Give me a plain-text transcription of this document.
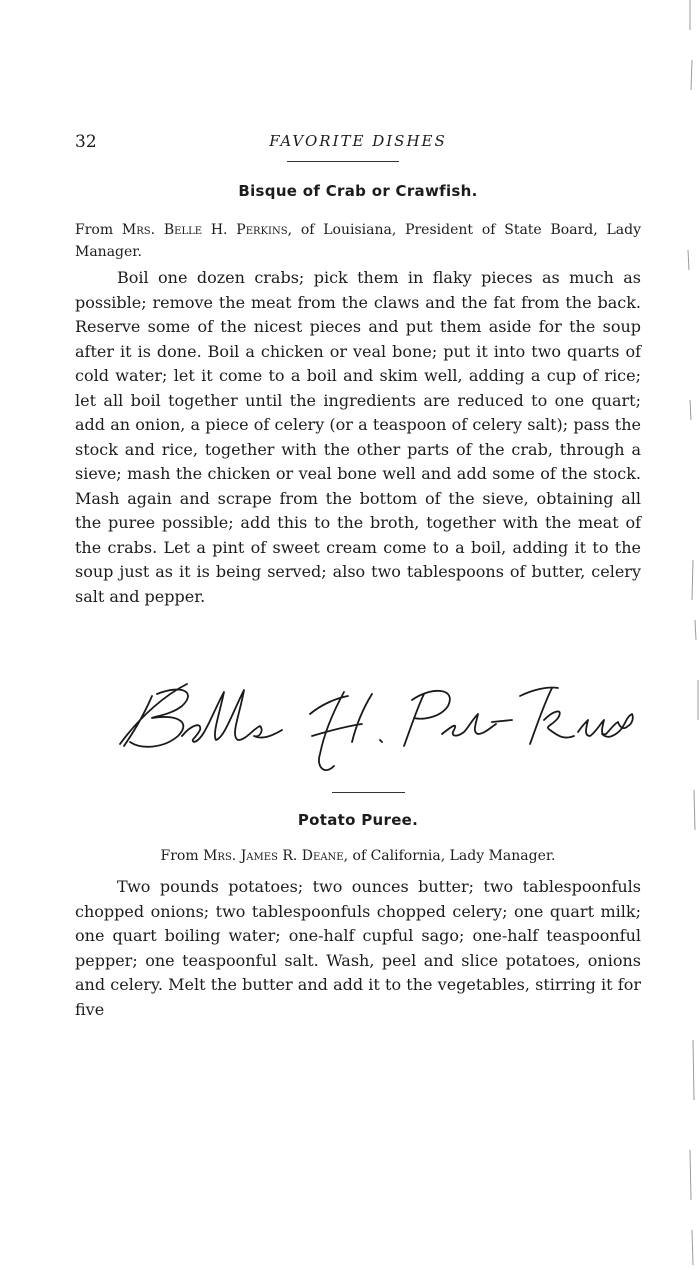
32	FAVORITE DISHES
Bisque of Crab or Crawfish.
From Mrs. Belle H. Perkins, of Louisiana, President of State Board, Lady Manager.

Boil one dozen crabs; pick them in flaky pieces as much as possible; remove the meat from the claws and the fat from the back. Reserve some of the nicest pieces and put them aside for the soup after it is done. Boil a chicken or veal bone; put it into two quarts of cold water; let it come to a boil and skim well, adding a cup of rice; let all boil together until the ingredients are reduced to one quart; add an onion, a piece of celery (or a teaspoon of celery salt); pass the stock and rice, together with the other parts of the crab, through a sieve; mash the chicken or veal bone well and add some of the stock. Mash again and scrape from the bottom of the sieve, obtaining all the puree possible; add this to the broth, together with the meat of the crabs. Let a pint of sweet cream come to a boil, adding it to the soup just as it is being served; also two tablespoons of butter, celery salt and pepper.

Potato Puree.
From Mrs. James R. Deane, of California, Lady Manager.

Two pounds potatoes; two ounces butter; two tablespoonfuls chopped onions; two tablespoonfuls chopped celery; one quart milk; one quart boiling water; one-half cupful sago; one-half teaspoonful pepper; one teaspoonful salt. Wash, peel and slice potatoes, onions and celery. Melt the butter and add it to the vegetables, stirring it for five
